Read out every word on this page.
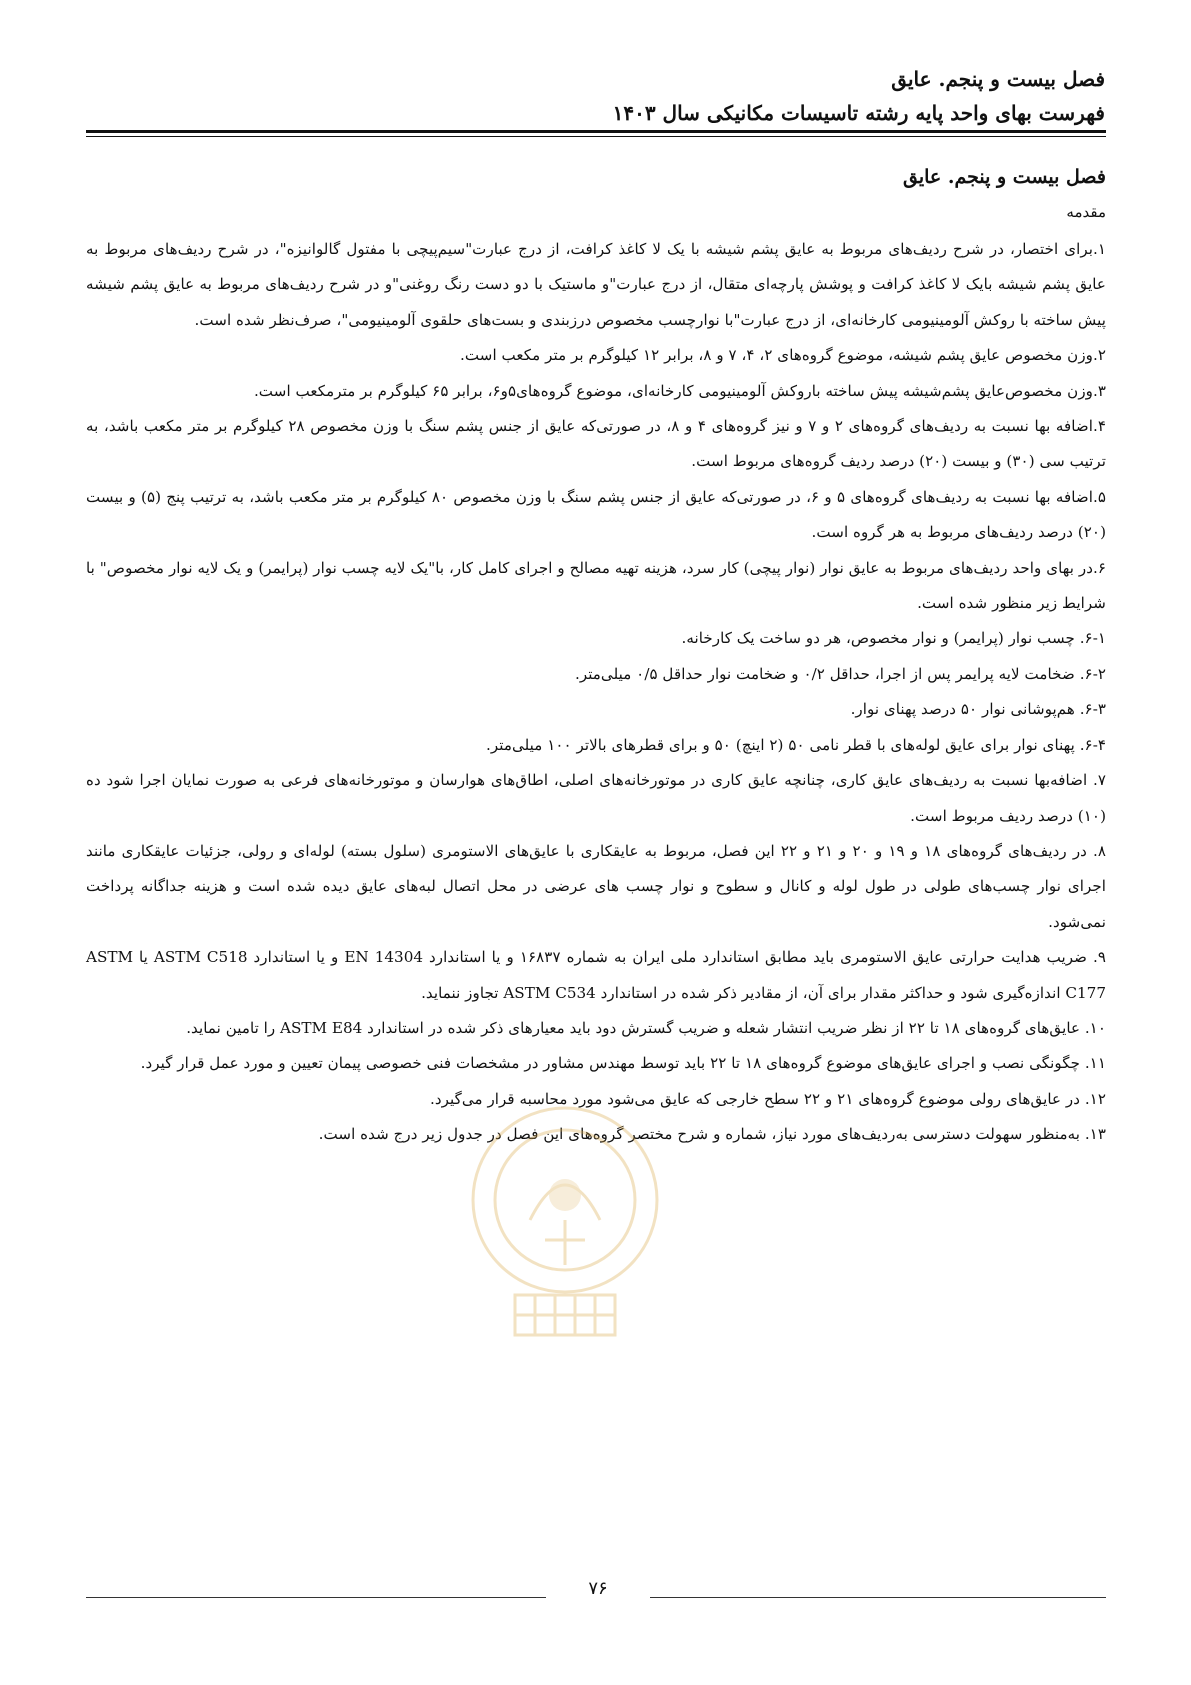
فصل بیست و پنجم. عایق

فهرست بهای واحد پایه رشته تاسیسات مکانیکی سال ۱۴۰۳

فصل بیست و پنجم. عایق

مقدمه

۱.برای اختصار، در شرح ردیف‌های مربوط به عایق پشم شیشه با یک لا کاغذ کرافت، از درج عبارت"سیم‌پیچی با مفتول گالوانیزه"، در شرح ردیف‌های مربوط به عایق پشم شیشه بایک لا کاغذ کرافت و پوشش پارچه‌ای متقال، از درج عبارت"و ماستیک با دو دست رنگ روغنی"و در شرح ردیف‌های مربوط به عایق پشم شیشه پیش ساخته با روکش آلومینیومی کارخانه‌ای، از درج عبارت"با نوارچسب مخصوص درزبندی و بست‌های حلقوی آلومینیومی"، صرف‌نظر شده است.

۲.وزن مخصوص عایق پشم شیشه، موضوع گروه‌های ۲، ۴، ۷ و ۸، برابر ۱۲ کیلوگرم بر متر مکعب است.

۳.وزن مخصوص‌عایق پشم‌شیشه پیش ساخته باروکش آلومینیومی کارخانه‌ای، موضوع گروه‌های۵و۶، برابر ۶۵ کیلوگرم بر مترمکعب است.

۴.اضافه بها نسبت به ردیف‌های گروه‌های ۲ و ۷ و نیز گروه‌های ۴ و ۸، در صورتی‌که عایق از جنس پشم سنگ با وزن مخصوص ۲۸ کیلوگرم بر متر مکعب باشد، به ترتیب سی (۳۰) و بیست (۲۰) درصد ردیف گروه‌های مربوط است.

۵.اضافه بها نسبت به ردیف‌های گروه‌های ۵ و ۶، در صورتی‌که عایق از جنس پشم سنگ با وزن مخصوص ۸۰ کیلوگرم بر متر مکعب باشد، به ترتیب پنج (۵) و بیست (۲۰) درصد ردیف‌های مربوط به هر گروه است.

۶.در بهای واحد ردیف‌های مربوط به عایق نوار (نوار پیچی) کار سرد، هزینه تهیه مصالح و اجرای کامل کار، با"یک لایه چسب نوار (پرایمر) و یک لایه نوار مخصوص" با شرایط زیر منظور شده است.

۶-۱. چسب نوار (پرایمر) و نوار مخصوص، هر دو ساخت یک کارخانه.

۶-۲. ضخامت لایه پرایمر پس از اجرا، حداقل ۰/۲ و ضخامت نوار حداقل ۰/۵ میلی‌متر.

۶-۳. هم‌پوشانی نوار ۵۰ درصد پهنای نوار.

۶-۴. پهنای نوار برای عایق لوله‌های با قطر نامی ۵۰ (۲ اینچ) ۵۰ و برای قطرهای بالاتر ۱۰۰ میلی‌متر.

۷. اضافه‌بها نسبت به ردیف‌های عایق کاری، چنانچه عایق کاری در موتورخانه‌های اصلی، اطاق‌های هوارسان و موتورخانه‌های فرعی به صورت نمایان اجرا شود ده (۱۰) درصد ردیف مربوط است.

۸. در ردیف‌های گروه‌های ۱۸ و ۱۹ و ۲۰ و ۲۱ و ۲۲ این فصل، مربوط به عایقکاری با عایق‌های الاستومری (سلول بسته) لوله‌ای و رولی، جزئیات عایقکاری مانند اجرای نوار چسب‌های طولی در طول لوله و کانال و سطوح و نوار چسب های عرضی در محل اتصال لبه‌های عایق دیده شده است و هزینه جداگانه پرداخت نمی‌شود.

۹. ضریب هدایت حرارتی عایق الاستومری باید مطابق استاندارد ملی ایران به شماره ۱۶۸۳۷ و یا استاندارد EN 14304 و یا استاندارد ASTM C518 یا ASTM C177 اندازه‌گیری شود و حداکثر مقدار برای آن، از مقادیر ذکر شده در استاندارد ASTM C534 تجاوز ننماید.

۱۰. عایق‌های گروه‌های ۱۸ تا ۲۲ از نظر ضریب انتشار شعله و ضریب گسترش دود باید معیارهای ذکر شده در استاندارد ASTM E84 را تامین نماید.

۱۱. چگونگی نصب و اجرای عایق‌های موضوع گروه‌های ۱۸ تا ۲۲ باید توسط مهندس مشاور در مشخصات فنی خصوصی پیمان تعیین و مورد عمل قرار گیرد.

۱۲. در عایق‌های رولی موضوع گروه‌های ۲۱ و ۲۲ سطح خارجی که عایق می‌شود مورد محاسبه قرار می‌گیرد.

۱۳. به‌منظور سهولت دسترسی به‌ردیف‌های مورد نیاز، شماره و شرح مختصر گروه‌های این فصل در جدول زیر درج شده است.

۷۶
